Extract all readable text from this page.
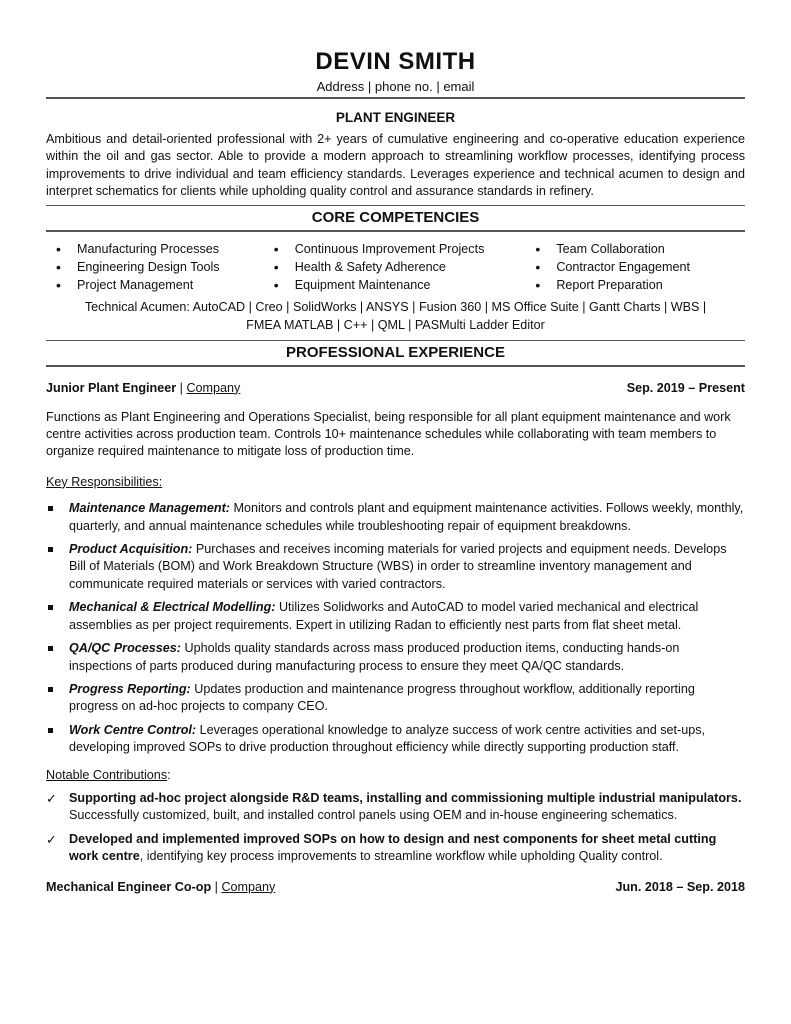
DEVIN SMITH
Address | phone no. | email
PLANT ENGINEER
Ambitious and detail-oriented professional with 2+ years of cumulative engineering and co-operative education experience within the oil and gas sector. Able to provide a modern approach to streamlining workflow processes, identifying process improvements to drive individual and team efficiency standards. Leverages experience and technical acumen to design and interpret schematics for clients while upholding quality control and assurance standards in refinery.
CORE COMPETENCIES
• Manufacturing Processes
• Engineering Design Tools
• Project Management
• Continuous Improvement Projects
• Health & Safety Adherence
• Equipment Maintenance
• Team Collaboration
• Contractor Engagement
• Report Preparation
Technical Acumen: AutoCAD | Creo | SolidWorks | ANSYS | Fusion 360 | MS Office Suite | Gantt Charts | WBS | FMEA MATLAB | C++ | QML | PASMulti Ladder Editor
PROFESSIONAL EXPERIENCE
Junior Plant Engineer | Company	Sep. 2019 – Present
Functions as Plant Engineering and Operations Specialist, being responsible for all plant equipment maintenance and work centre activities across production team. Controls 10+ maintenance schedules while collaborating with team members to organize required maintenance to mitigate loss of production time.
Key Responsibilities:
Maintenance Management: Monitors and controls plant and equipment maintenance activities. Follows weekly, monthly, quarterly, and annual maintenance schedules while troubleshooting repair of equipment breakdowns.
Product Acquisition: Purchases and receives incoming materials for varied projects and equipment needs. Develops Bill of Materials (BOM) and Work Breakdown Structure (WBS) in order to streamline inventory management and communicate required materials or services with varied contractors.
Mechanical & Electrical Modelling: Utilizes Solidworks and AutoCAD to model varied mechanical and electrical assemblies as per project requirements. Expert in utilizing Radan to efficiently nest parts from flat sheet metal.
QA/QC Processes: Upholds quality standards across mass produced production items, conducting hands-on inspections of parts produced during manufacturing process to ensure they meet QA/QC standards.
Progress Reporting: Updates production and maintenance progress throughout workflow, additionally reporting progress on ad-hoc projects to company CEO.
Work Centre Control: Leverages operational knowledge to analyze success of work centre activities and set-ups, developing improved SOPs to drive production throughout efficiency while directly supporting production staff.
Notable Contributions:
✓ Supporting ad-hoc project alongside R&D teams, installing and commissioning multiple industrial manipulators. Successfully customized, built, and installed control panels using OEM and in-house engineering schematics.
✓ Developed and implemented improved SOPs on how to design and nest components for sheet metal cutting work centre, identifying key process improvements to streamline workflow while upholding Quality control.
Mechanical Engineer Co-op | Company	Jun. 2018 – Sep. 2018
